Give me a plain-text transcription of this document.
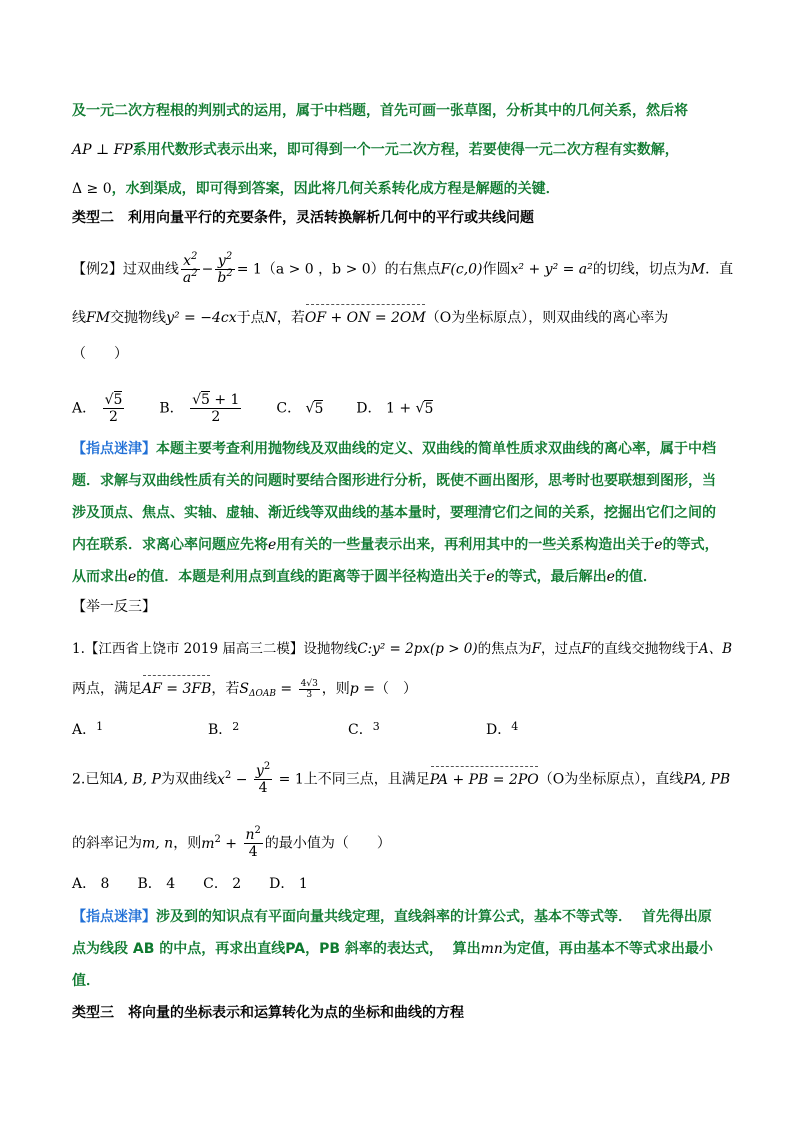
及一元二次方程根的判别式的运用，属于中档题，首先可画一张草图，分析其中的几何关系，然后将
AP ⊥ FP系用代数形式表示出来，即可得到一个一元二次方程，若要使得一元二次方程有实数解，
Δ ≥ 0，水到渠成，即可得到答案，因此将几何关系转化成方程是解题的关键．
类型二　利用向量平行的充要条件，灵活转换解析几何中的平行或共线问题
【例2】过双曲线 $\frac{x^2}{a^2} - \frac{y^2}{b^2} = 1(a > 0$ ，b > 0）的右焦点F(c,0)作圆x² + y² = a²的切线，切点为M．直
线FM交抛物线y² = −4cx于点N，若OF + ON = 2OM（O为坐标原点），则双曲线的离心率为
（　　）
A． $\frac{√5}{2}$ B． $\frac{√5 + 1}{2}$ C． √5 D． 1 + √5
【指点迷津】本题主要考查利用抛物线及双曲线的定义、双曲线的简单性质求双曲线的离心率，属于中档
题．求解与双曲线性质有关的问题时要结合图形进行分析，既使不画出图形，思考时也要联想到图形，当
涉及顶点、焦点、实轴、虚轴、渐近线等双曲线的基本量时，要理清它们之间的关系，挖掘出它们之间的
内在联系．求离心率问题应先将e用有关的一些量表示出来，再利用其中的一些关系构造出关于e的等式，
从而求出e的值．本题是利用点到直线的距离等于圆半径构造出关于e的等式，最后解出e的值．
【举一反三】
1.【江西省上饶市 2019 届高三二模】设抛物线C:y² = 2px(p > 0)的焦点为F，过点F的直线交抛物线于A、B
两点，满足AF = 3FB，若$S_{\Delta OAB} = \frac{4√3}{3}$ ，则p =（　）
A．$^1$	B．$^2$	C．$^3$	D．$^4$
2.已知A, B, P为双曲线$x^2 - \frac{y^2}{4} = 1$上不同三点，且满足PA + PB = 2PO（O为坐标原点），直线PA, PB
的斜率记为m, n，则$m^2 + \frac{n^2}{4}$ 的最小值为（　　）
A． 8　　B． 4　　C． 2　　D． 1
【指点迷津】涉及到的知识点有平面向量共线定理，直线斜率的计算公式，基本不等式等．  首先得出原
点为线段 AB 的中点，再求出直线PA，PB 斜率的表达式，  算出mn为定值，再由基本不等式求出最小
值．
类型三　将向量的坐标表示和运算转化为点的坐标和曲线的方程
